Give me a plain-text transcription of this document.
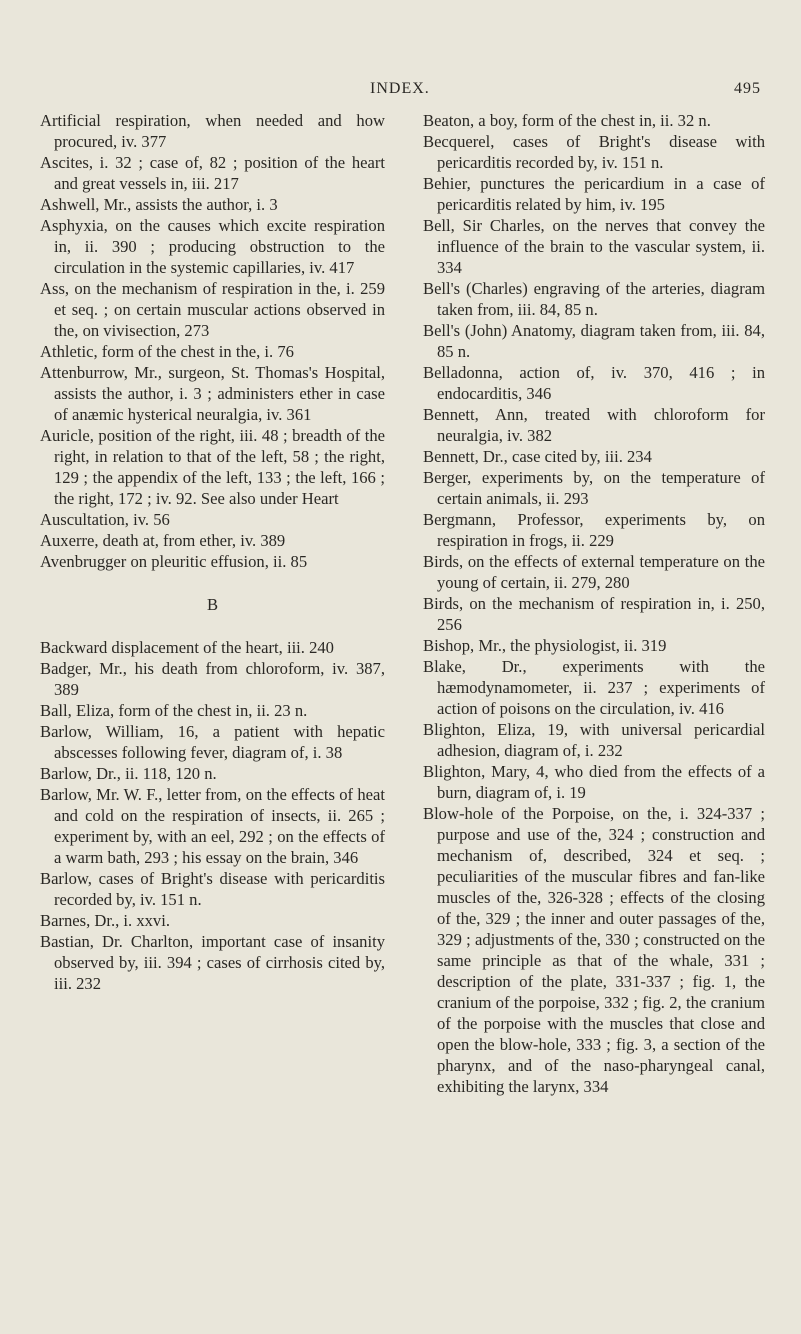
INDEX.	495

Artificial respiration, when needed and how procured, iv. 377

Ascites, i. 32 ; case of, 82 ; position of the heart and great vessels in, iii. 217

Ashwell, Mr., assists the author, i. 3

Asphyxia, on the causes which excite respiration in, ii. 390 ; producing obstruction to the circulation in the systemic capillaries, iv. 417

Ass, on the mechanism of respiration in the, i. 259 et seq. ; on certain muscular actions observed in the, on vivisection, 273

Athletic, form of the chest in the, i. 76

Attenburrow, Mr., surgeon, St. Thomas's Hospital, assists the author, i. 3 ; administers ether in case of anæmic hysterical neuralgia, iv. 361

Auricle, position of the right, iii. 48 ; breadth of the right, in relation to that of the left, 58 ; the right, 129 ; the appendix of the left, 133 ; the left, 166 ; the right, 172 ; iv. 92. See also under Heart

Auscultation, iv. 56

Auxerre, death at, from ether, iv. 389

Avenbrugger on pleuritic effusion, ii. 85

B

Backward displacement of the heart, iii. 240

Badger, Mr., his death from chloroform, iv. 387, 389

Ball, Eliza, form of the chest in, ii. 23 n.

Barlow, William, 16, a patient with hepatic abscesses following fever, diagram of, i. 38

Barlow, Dr., ii. 118, 120 n.

Barlow, Mr. W. F., letter from, on the effects of heat and cold on the respiration of insects, ii. 265 ; experiment by, with an eel, 292 ; on the effects of a warm bath, 293 ; his essay on the brain, 346

Barlow, cases of Bright's disease with pericarditis recorded by, iv. 151 n.

Barnes, Dr., i. xxvi.

Bastian, Dr. Charlton, important case of insanity observed by, iii. 394 ; cases of cirrhosis cited by, iii. 232

Beaton, a boy, form of the chest in, ii. 32 n.

Becquerel, cases of Bright's disease with pericarditis recorded by, iv. 151 n.

Behier, punctures the pericardium in a case of pericarditis related by him, iv. 195

Bell, Sir Charles, on the nerves that convey the influence of the brain to the vascular system, ii. 334

Bell's (Charles) engraving of the arteries, diagram taken from, iii. 84, 85 n.

Bell's (John) Anatomy, diagram taken from, iii. 84, 85 n.

Belladonna, action of, iv. 370, 416 ; in endocarditis, 346

Bennett, Ann, treated with chloroform for neuralgia, iv. 382

Bennett, Dr., case cited by, iii. 234

Berger, experiments by, on the temperature of certain animals, ii. 293

Bergmann, Professor, experiments by, on respiration in frogs, ii. 229

Birds, on the effects of external temperature on the young of certain, ii. 279, 280

Birds, on the mechanism of respiration in, i. 250, 256

Bishop, Mr., the physiologist, ii. 319

Blake, Dr., experiments with the hæmodynamometer, ii. 237 ; experiments of action of poisons on the circulation, iv. 416

Blighton, Eliza, 19, with universal pericardial adhesion, diagram of, i. 232

Blighton, Mary, 4, who died from the effects of a burn, diagram of, i. 19

Blow-hole of the Porpoise, on the, i. 324-337 ; purpose and use of the, 324 ; construction and mechanism of, described, 324 et seq. ; peculiarities of the muscular fibres and fan-like muscles of the, 326-328 ; effects of the closing of the, 329 ; the inner and outer passages of the, 329 ; adjustments of the, 330 ; constructed on the same principle as that of the whale, 331 ; description of the plate, 331-337 ; fig. 1, the cranium of the porpoise, 332 ; fig. 2, the cranium of the porpoise with the muscles that close and open the blow-hole, 333 ; fig. 3, a section of the pharynx, and of the naso-pharyngeal canal, exhibiting the larynx, 334
